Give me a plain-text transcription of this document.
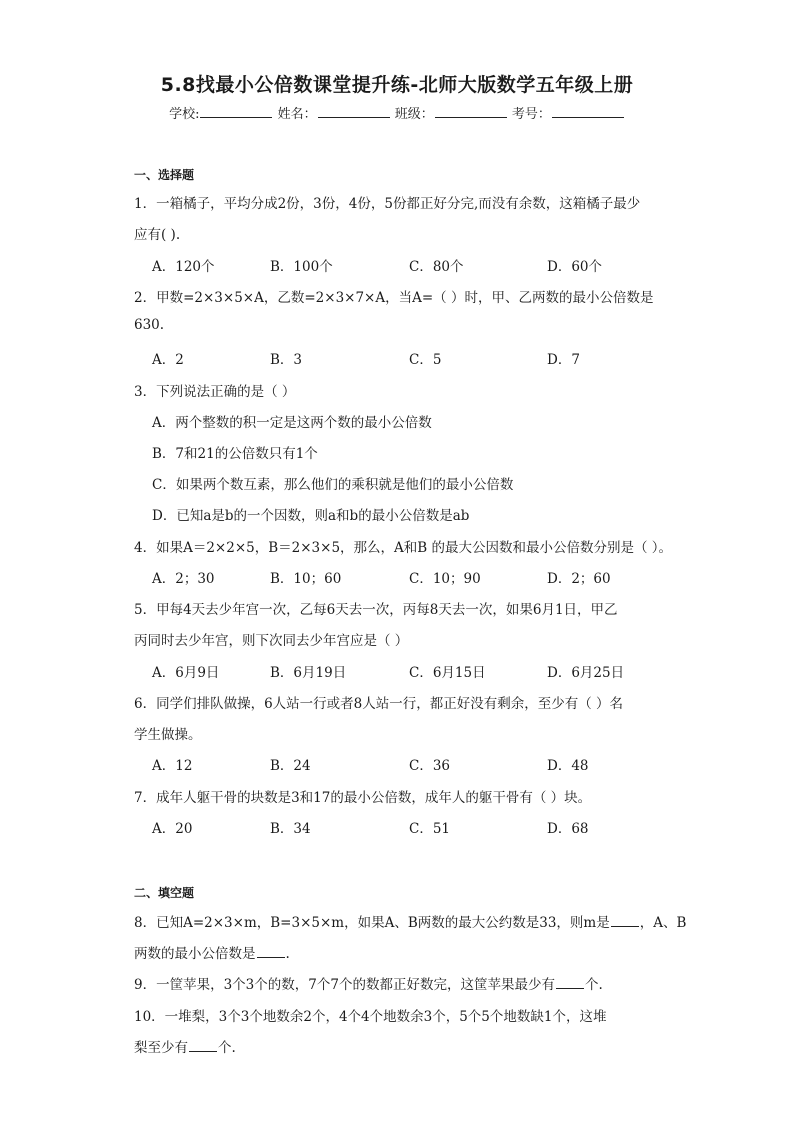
5.8找最小公倍数课堂提升练-北师大版数学五年级上册
学校:	姓名：	班级：	考号：
一、选择题
1．一箱橘子，平均分成2份，3份，4份，5份都正好分完,而没有余数，这箱橘子最少
应有( ).
A．120个	B．100个	C．80个	D．60个
2．甲数=2×3×5×A，乙数=2×3×7×A，当A=（ ）时，甲、乙两数的最小公倍数是
630.
A．2	B．3	C．5	D．7
3．下列说法正确的是（ ）
A．两个整数的积一定是这两个数的最小公倍数
B．7和21的公倍数只有1个
C．如果两个数互素，那么他们的乘积就是他们的最小公倍数
D．已知a是b的一个因数，则a和b的最小公倍数是ab
4．如果A＝2×2×5，B＝2×3×5，那么，A和B 的最大公因数和最小公倍数分别是（ ）。
A．2；30	B．10；60	C．10；90	D．2；60
5．甲每4天去少年宫一次，乙每6天去一次，丙每8天去一次，如果6月1日，甲乙
丙同时去少年宫，则下次同去少年宫应是（ ）
A．6月9日	B．6月19日	C．6月15日	D．6月25日
6．同学们排队做操，6人站一行或者8人站一行，都正好没有剩余，至少有（ ）名
学生做操。
A．12	B．24	C．36	D．48
7．成年人躯干骨的块数是3和17的最小公倍数，成年人的躯干骨有（ ）块。
A．20	B．34	C．51	D．68
二、填空题
8．已知A=2×3×m，B=3×5×m，如果A、B两数的最大公约数是33，则m是 ，A、B
两数的最小公倍数是 .
9．一筐苹果，3个3个的数，7个7个的数都正好数完，这筐苹果最少有 个.
10．一堆梨，3个3个地数余2个，4个4个地数余3个，5个5个地数缺1个，这堆
梨至少有 个.
